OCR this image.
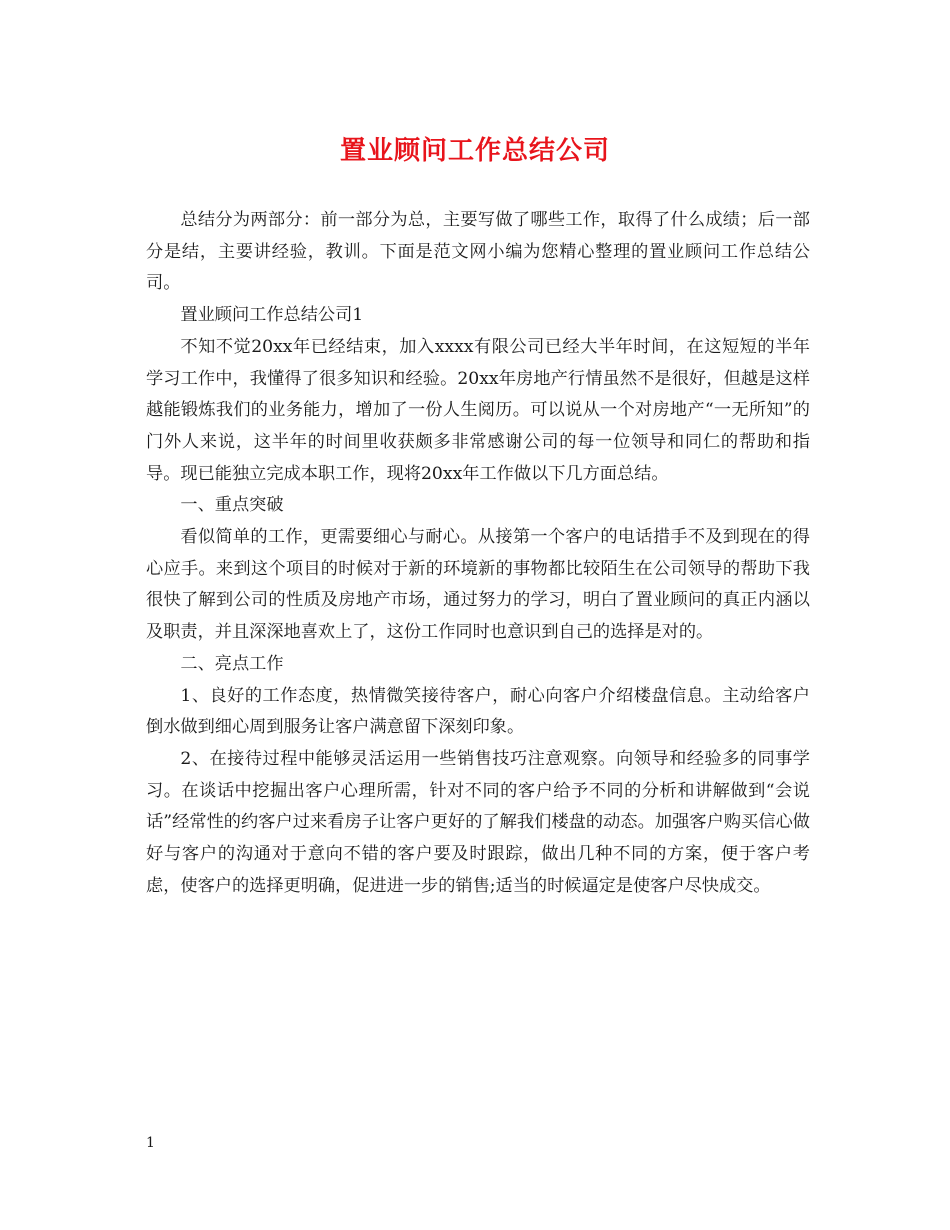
置业顾问工作总结公司

总结分为两部分：前一部分为总，主要写做了哪些工作，取得了什么成绩；后一部分是结，主要讲经验，教训。下面是范文网小编为您精心整理的置业顾问工作总结公司。

置业顾问工作总结公司1

不知不觉20xx年已经结束，加入xxxx有限公司已经大半年时间，在这短短的半年学习工作中，我懂得了很多知识和经验。20xx年房地产行情虽然不是很好，但越是这样越能锻炼我们的业务能力，增加了一份人生阅历。可以说从一个对房地产“一无所知”的门外人来说，这半年的时间里收获颇多非常感谢公司的每一位领导和同仁的帮助和指导。现已能独立完成本职工作，现将20xx年工作做以下几方面总结。

一、重点突破

看似简单的工作，更需要细心与耐心。从接第一个客户的电话措手不及到现在的得心应手。来到这个项目的时候对于新的环境新的事物都比较陌生在公司领导的帮助下我很快了解到公司的性质及房地产市场，通过努力的学习，明白了置业顾问的真正内涵以及职责，并且深深地喜欢上了，这份工作同时也意识到自己的选择是对的。

二、亮点工作

1、良好的工作态度，热情微笑接待客户，耐心向客户介绍楼盘信息。主动给客户倒水做到细心周到服务让客户满意留下深刻印象。

2、在接待过程中能够灵活运用一些销售技巧注意观察。向领导和经验多的同事学习。在谈话中挖掘出客户心理所需，针对不同的客户给予不同的分析和讲解做到“会说话”经常性的约客户过来看房子让客户更好的了解我们楼盘的动态。加强客户购买信心做好与客户的沟通对于意向不错的客户要及时跟踪，做出几种不同的方案，便于客户考虑，使客户的选择更明确，促进进一步的销售;适当的时候逼定是使客户尽快成交。

1
